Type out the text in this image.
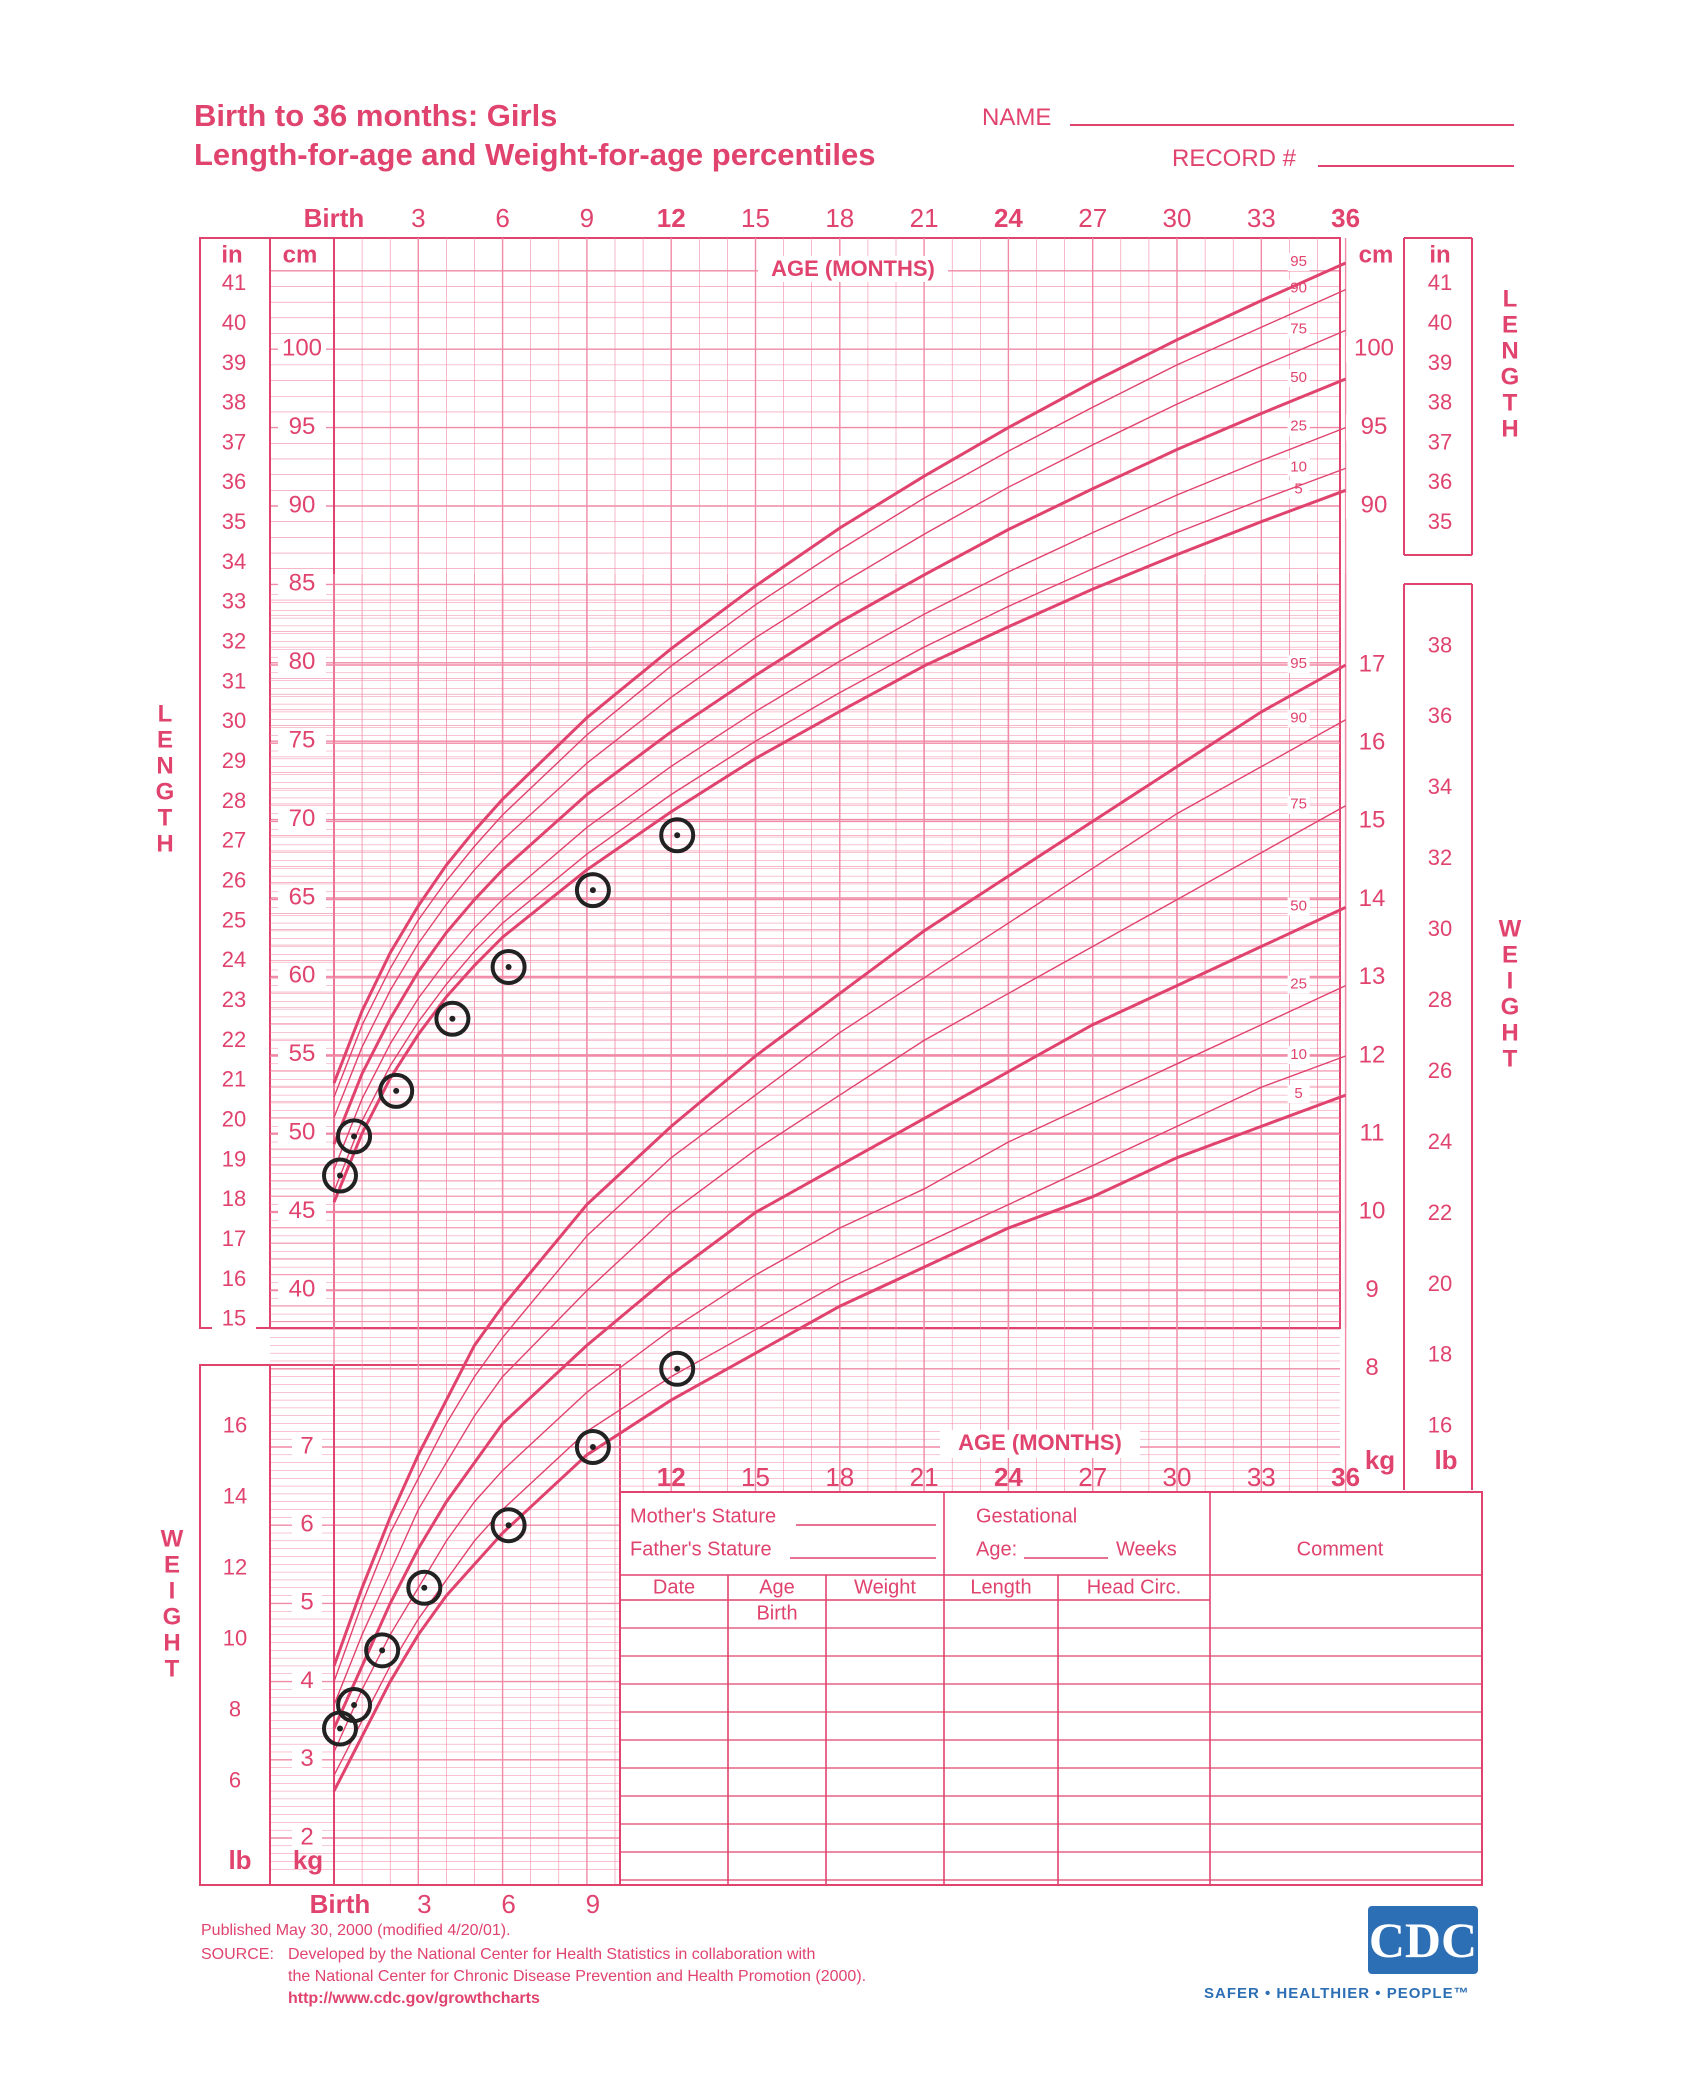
Birth to 36 months: Girls
Length-for-age and Weight-for-age percentiles
NAME
RECORD #
Birth 3	6	9 12 15 18 21 24 27 30 33 36
AGE (MONTHS)
in cm	cm in
40
45
50
55
60
65
70
75
80
85
90
95
100
15
16
17
18
19
20
21
22
23
24
25
26
27
28
29
30
31
32
33
34
35
36
37
38
39
40
41
90
95
100
35
36
37
38
39
40
41
2
3
4
5
6
7
6
8
10
12
14
16
8
9
10
11
12
13
14
15
16
17
16
18
20
22
24
26
28
30
32
34
36
38
lb kg
kg lb
AGE (MONTHS)
12 15 18 21 24 27 30 33 36
Birth 3	6	9
L
E
N
G
T
H
W
E
I
G
H
T
L
E
N
G
T
H
W
E
I
G
H
T
5
10
25
50
75
90
95
5
10
25
50
75
90
95
Mother's Stature
Father's Stature
Gestational
Age:	Weeks	Comment
Date	Age	Weight	Length	Head Circ.
Birth
Published May 30, 2000 (modified 4/20/01).
SOURCE: Developed by the National Center for Health Statistics in collaboration with
the National Center for Chronic Disease Prevention and Health Promotion (2000).
http://www.cdc.gov/growthcharts
CDC
SAFER • HEALTHIER • PEOPLE™
